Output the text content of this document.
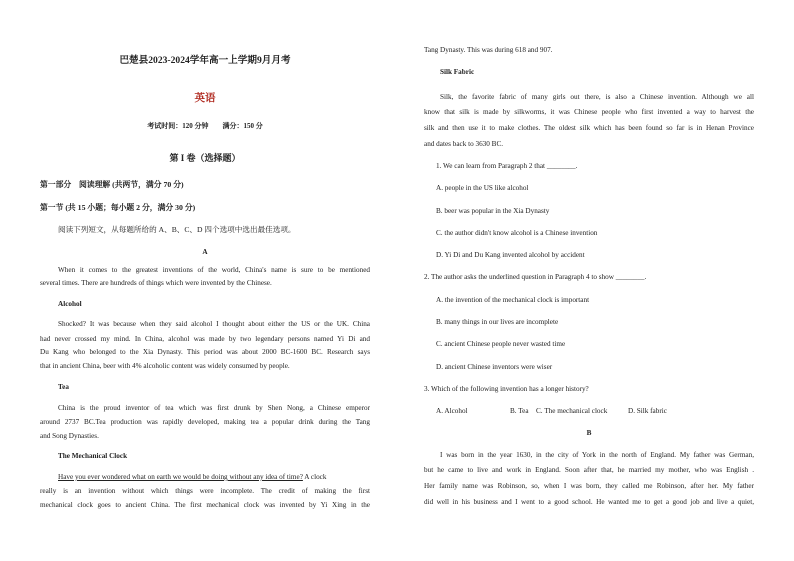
巴楚县2023-2024学年高一上学期9月月考
英语
考试时间：120 分钟　　满分：150 分
第 I 卷（选择题）
第一部分　阅读理解 (共两节，满分 70 分)
第一节 (共 15 小题；每小题 2 分，满分 30 分)
阅读下列短文，从每题所给的 A、B、C、D 四个选项中选出最佳选项。
A
When it comes to the greatest inventions of the world, China's name is sure to be mentioned
several times. There are hundreds of things which were invented by the Chinese.
Alcohol
Shocked? It was because when they said alcohol I thought about either the US or the UK. China
had never crossed my mind. In China, alcohol was made by two legendary persons named Yi Di and
Du Kang who belonged to the Xia Dynasty. This period was about 2000 BC-1600 BC. Research says
that in ancient China, beer with 4% alcoholic content was widely consumed by people.
Tea
China is the proud inventor of tea which was first drunk by Shen Nong, a Chinese emperor
around 2737 BC.Tea production was rapidly developed, making tea a popular drink during the Tang
and Song Dynasties.
The Mechanical Clock
Have you ever wondered what on earth we would be doing without any idea of time? A clock
really is an invention without which things were incomplete. The credit of making the first
mechanical clock goes to ancient China. The first mechanical clock was invented by Yi Xing in the
Tang Dynasty. This was during 618 and 907.
Silk Fabric
Silk, the favorite fabric of many girls out there, is also a Chinese invention. Although we all
know that silk is made by silkworms, it was Chinese people who first invented a way to harvest the
silk and then use it to make clothes. The oldest silk which has been found so far is in Henan Province
and dates back to 3630 BC.
1. We can learn from Paragraph 2 that ________.
A. people in the US like alcohol
B. beer was popular in the Xia Dynasty
C. the author didn't know alcohol is a Chinese invention
D. Yi Di and Du Kang invented alcohol by accident
2. The author asks the underlined question in Paragraph 4 to show ________.
A. the invention of the mechanical clock is important
B. many things in our lives are incomplete
C. ancient Chinese people never wasted time
D. ancient Chinese inventors were wiser
3. Which of the following invention has a longer history?
A. Alcohol	B. Tea C. The mechanical clock	D. Silk fabric
B
I was born in the year 1630, in the city of York in the north of England. My father was German,
but he came to live and work in England. Soon after that, he married my mother, who was English .
Her family name was Robinson, so, when I was born, they called me Robinson, after her. My father
did well in his business and I went to a good school. He wanted me to get a good job and live a quiet,
